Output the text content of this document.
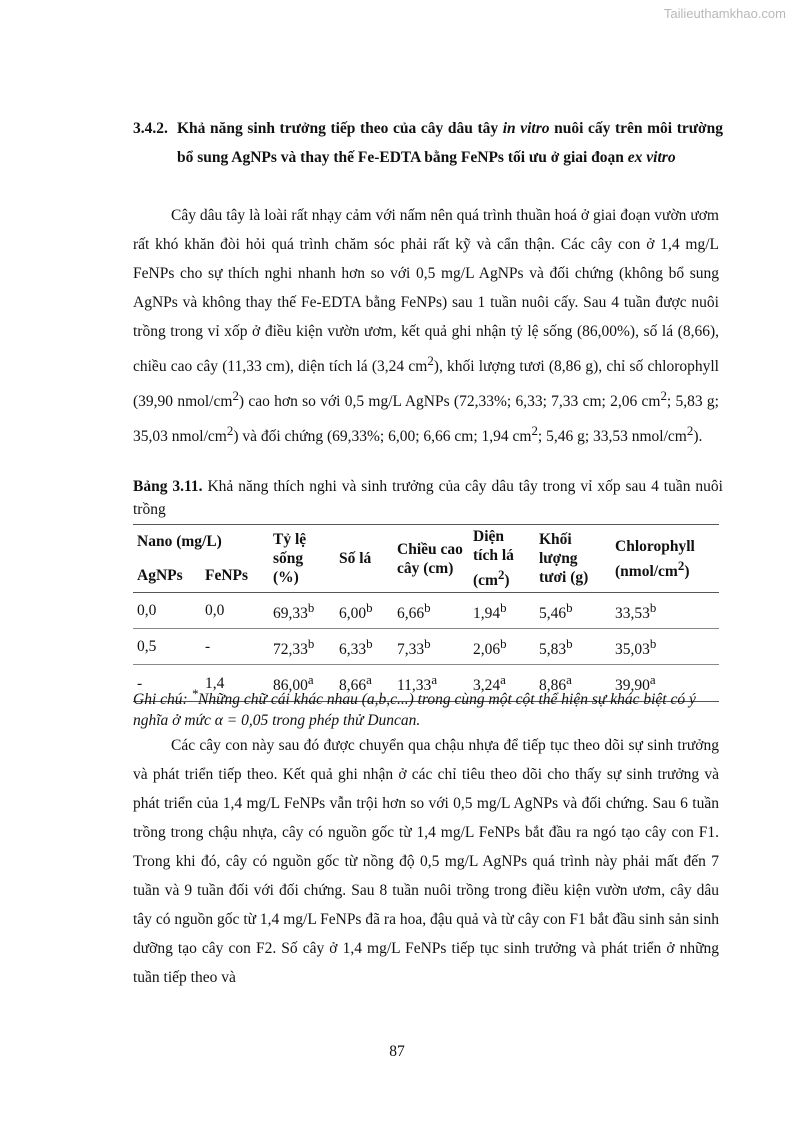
Tailieuthamkhao.com
3.4.2. Khả năng sinh trưởng tiếp theo của cây dâu tây in vitro nuôi cấy trên môi trường bổ sung AgNPs và thay thế Fe-EDTA bằng FeNPs tối ưu ở giai đoạn ex vitro
Cây dâu tây là loài rất nhạy cảm với nấm nên quá trình thuần hoá ở giai đoạn vườn ươm rất khó khăn đòi hỏi quá trình chăm sóc phải rất kỹ và cẩn thận. Các cây con ở 1,4 mg/L FeNPs cho sự thích nghi nhanh hơn so với 0,5 mg/L AgNPs và đối chứng (không bổ sung AgNPs và không thay thế Fe-EDTA bằng FeNPs) sau 1 tuần nuôi cấy. Sau 4 tuần được nuôi trồng trong vỉ xốp ở điều kiện vườn ươm, kết quả ghi nhận tỷ lệ sống (86,00%), số lá (8,66), chiều cao cây (11,33 cm), diện tích lá (3,24 $cm^2$), khối lượng tươi (8,86 g), chỉ số chlorophyll (39,90 nmol/$cm^2$) cao hơn so với 0,5 mg/L AgNPs (72,33%; 6,33; 7,33 cm; 2,06 $cm^2$; 5,83 g; 35,03 nmol/$cm^2$) và đối chứng (69,33%; 6,00; 6,66 cm; 1,94 $cm^2$; 5,46 g; 33,53 nmol/$cm^2$).
Bảng 3.11. Khả năng thích nghi và sinh trưởng của cây dâu tây trong vỉ xốp sau 4 tuần nuôi trồng
Nano (mg/L)		Tỷ lệ sống (%)	Số lá	Chiều cao cây (cm)	Diện tích lá $(cm^2)$	Khối lượng tươi (g)	Chlorophyll $(nmol/cm^2)$
AgNPs	FeNPs						
0,0	0,0	69,33$^b$	6,00$^b$	6,66$^b$	1,94$^b$	5,46$^b$	33,53$^b$
0,5	-	72,33$^b$	6,33$^b$	7,33$^b$	2,06$^b$	5,83$^b$	35,03$^b$
-	1,4	86,00$^a$	8,66$^a$	11,33$^a$	3,24$^a$	8,86$^a$	39,90$^a$
Ghi chú: *Những chữ cái khác nhau (a,b,c...) trong cùng một cột thể hiện sự khác biệt có ý nghĩa ở mức α = 0,05 trong phép thử Duncan.
Các cây con này sau đó được chuyển qua chậu nhựa để tiếp tục theo dõi sự sinh trưởng và phát triển tiếp theo. Kết quả ghi nhận ở các chỉ tiêu theo dõi cho thấy sự sinh trưởng và phát triển của 1,4 mg/L FeNPs vẫn trội hơn so với 0,5 mg/L AgNPs và đối chứng. Sau 6 tuần trồng trong chậu nhựa, cây có nguồn gốc từ 1,4 mg/L FeNPs bắt đầu ra ngó tạo cây con F1. Trong khi đó, cây có nguồn gốc từ nồng độ 0,5 mg/L AgNPs quá trình này phải mất đến 7 tuần và 9 tuần đối với đối chứng. Sau 8 tuần nuôi trồng trong điều kiện vườn ươm, cây dâu tây có nguồn gốc từ 1,4 mg/L FeNPs đã ra hoa, đậu quả và từ cây con F1 bắt đầu sinh sản sinh dưỡng tạo cây con F2. Số cây ở 1,4 mg/L FeNPs tiếp tục sinh trưởng và phát triển ở những tuần tiếp theo và
87
